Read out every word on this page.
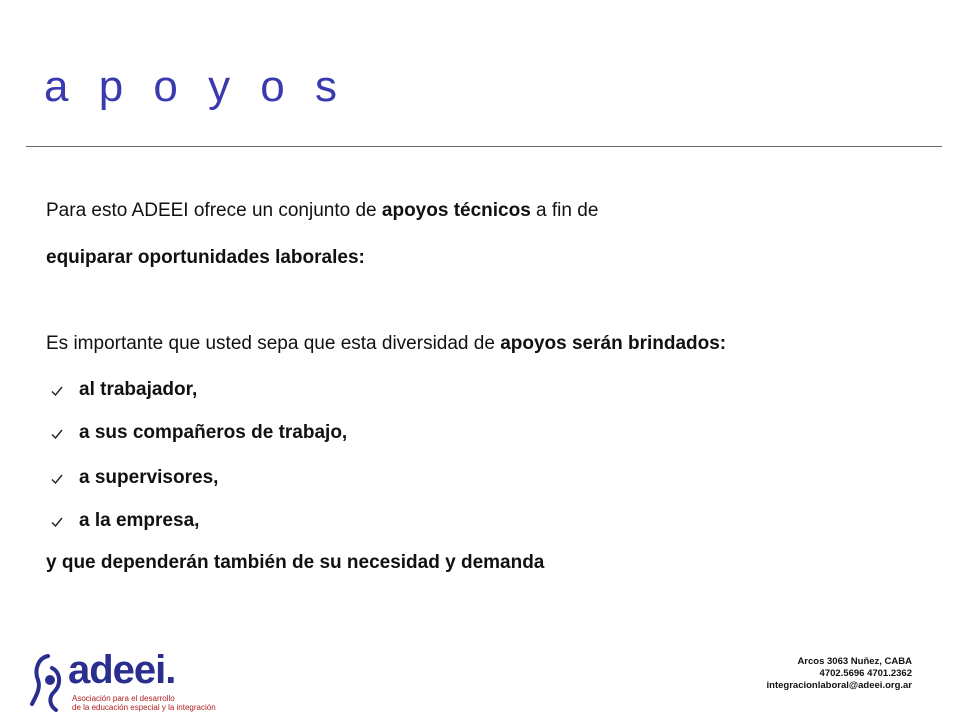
a p o y o s
Para esto ADEEI ofrece un conjunto de apoyos técnicos a fin de
equiparar oportunidades laborales:
Es importante que usted sepa que esta diversidad de apoyos serán brindados:
al trabajador,
a sus compañeros de trabajo,
a supervisores,
a la empresa,
y que dependerán también de su necesidad y demanda
adeei.
Asociación para el desarrollo
de la educación especial y la integración
Arcos 3063 Nuñez, CABA
4702.5696 4701.2362
integracionlaboral@adeei.org.ar
